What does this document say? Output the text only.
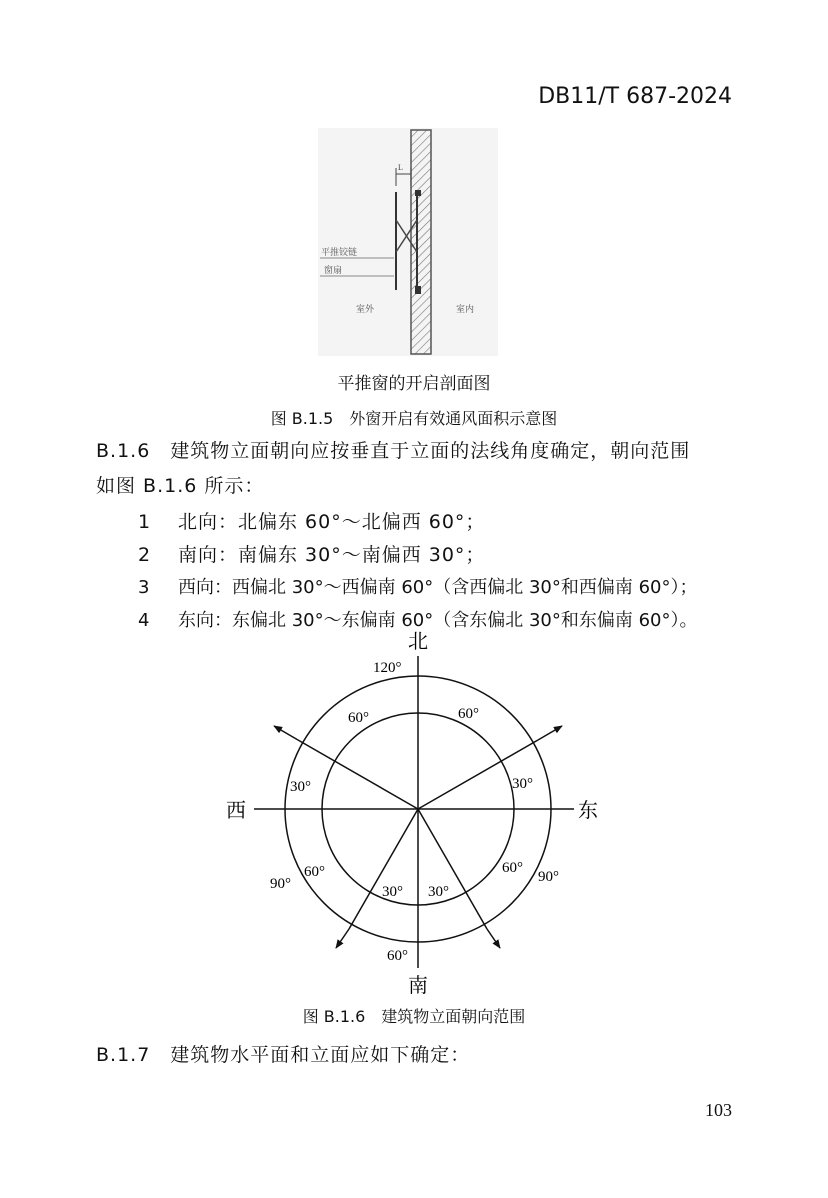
DB11/T 687-2024
L
平推铰链
窗扇
室外	室内
平推窗的开启剖面图
图 B.1.5　外窗开启有效通风面积示意图
B.1.6　建筑物立面朝向应按垂直于立面的法线角度确定，朝向范围
如图 B.1.6 所示：
1 北向：北偏东 60°～北偏西 60°；
2 南向：南偏东 30°～南偏西 30°；
3 西向：西偏北 30°～西偏南 60°（含西偏北 30°和西偏南 60°）；
4 东向：东偏北 30°～东偏南 60°（含东偏北 30°和东偏南 60°）。
北
南
西	东
120°
60°	60°
30°	30°
60°	60°
90°	90°
30° 30°
60°
图 B.1.6　建筑物立面朝向范围
B.1.7　建筑物水平面和立面应如下确定：
103
